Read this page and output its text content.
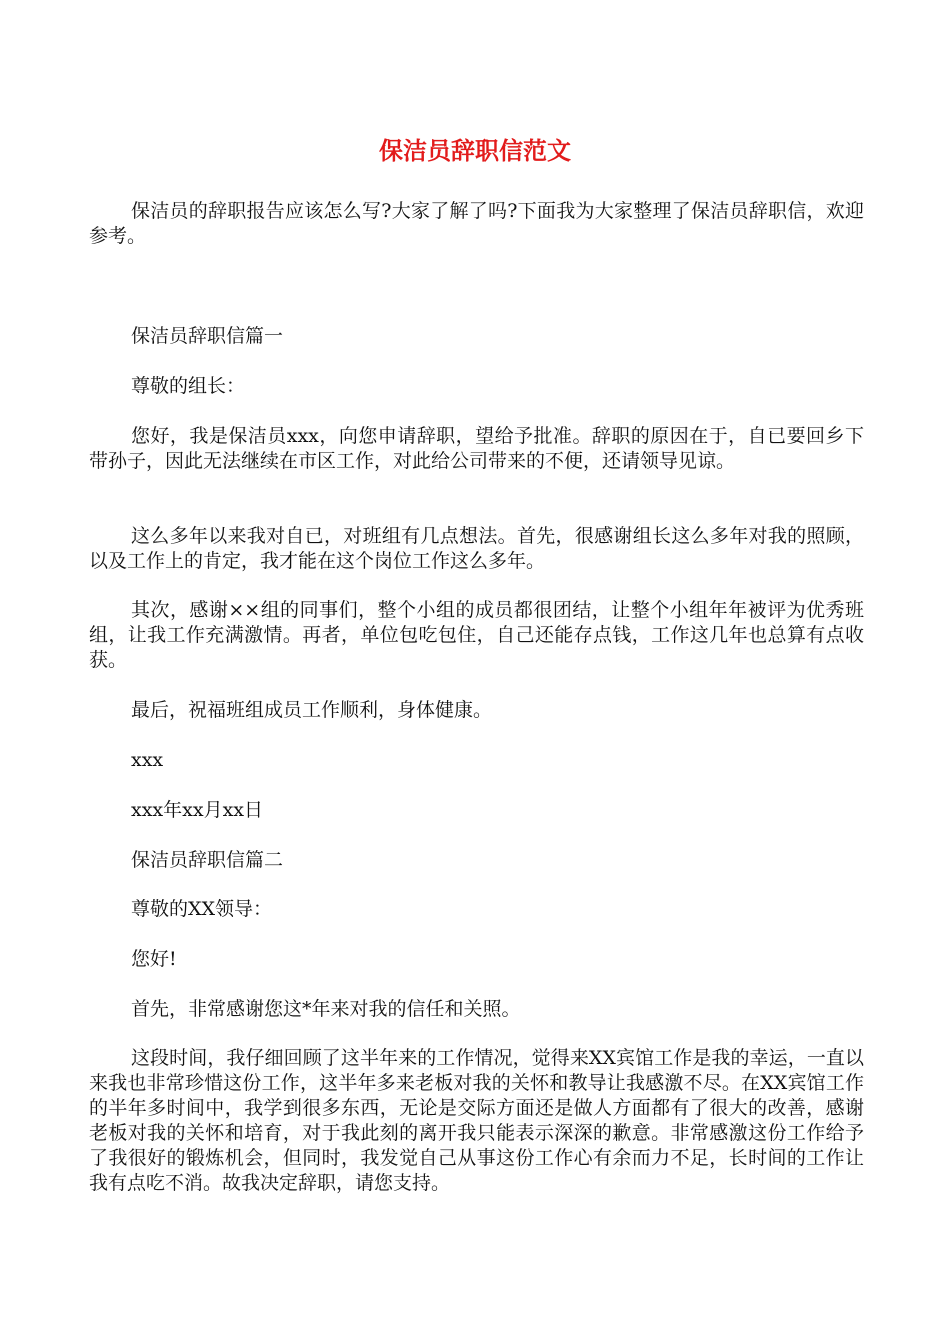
保洁员辞职信范文

保洁员的辞职报告应该怎么写?大家了解了吗?下面我为大家整理了保洁员辞职信，欢迎参考。

保洁员辞职信篇一

尊敬的组长：

您好，我是保洁员xxx，向您申请辞职，望给予批准。辞职的原因在于，自已要回乡下带孙子，因此无法继续在市区工作，对此给公司带来的不便，还请领导见谅。

这么多年以来我对自已，对班组有几点想法。首先，很感谢组长这么多年对我的照顾，以及工作上的肯定，我才能在这个岗位工作这么多年。

其次，感谢××组的同事们，整个小组的成员都很团结，让整个小组年年被评为优秀班组，让我工作充满激情。再者，单位包吃包住，自己还能存点钱，工作这几年也总算有点收获。

最后，祝福班组成员工作顺利，身体健康。

xxx

xxx年xx月xx日

保洁员辞职信篇二

尊敬的XX领导：

您好!

首先，非常感谢您这*年来对我的信任和关照。

这段时间，我仔细回顾了这半年来的工作情况，觉得来XX宾馆工作是我的幸运，一直以来我也非常珍惜这份工作，这半年多来老板对我的关怀和教导让我感激不尽。在XX宾馆工作的半年多时间中，我学到很多东西，无论是交际方面还是做人方面都有了很大的改善，感谢老板对我的关怀和培育，对于我此刻的离开我只能表示深深的歉意。非常感激这份工作给予了我很好的锻炼机会，但同时，我发觉自己从事这份工作心有余而力不足，长时间的工作让我有点吃不消。故我决定辞职，请您支持。
